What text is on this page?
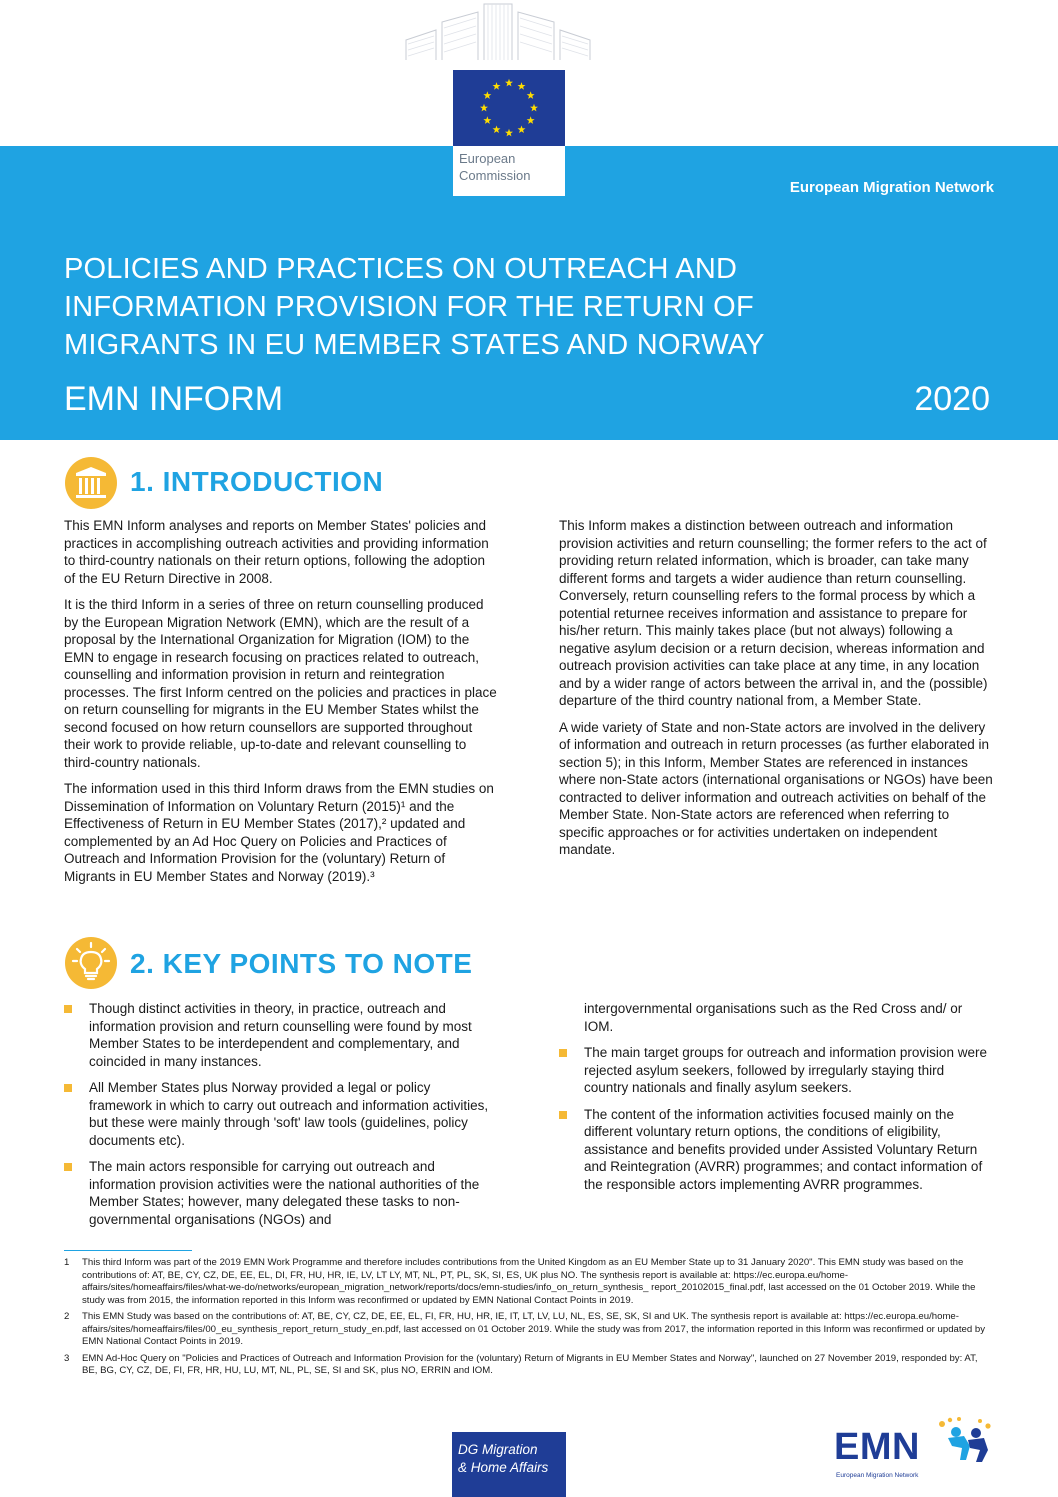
European
Commission
European Migration Network
POLICIES AND PRACTICES ON OUTREACH AND
INFORMATION PROVISION FOR THE RETURN OF
MIGRANTS IN EU MEMBER STATES AND NORWAY
EMN INFORM	2020
1. INTRODUCTION

This EMN Inform analyses and reports on Member States' policies and practices in accomplishing outreach activities and providing information to third-country nationals on their return options, following the adoption of the EU Return Directive in 2008.

It is the third Inform in a series of three on return counselling produced by the European Migration Network (EMN), which are the result of a proposal by the International Organization for Migration (IOM) to the EMN to engage in research focusing on practices related to outreach, counselling and information provision in return and reintegration processes. The first Inform centred on the policies and practices in place on return counselling for migrants in the EU Member States whilst the second focused on how return counsellors are supported throughout their work to provide reliable, up-to-date and relevant counselling to third-country nationals.

The information used in this third Inform draws from the EMN studies on Dissemination of Information on Voluntary Return (2015)¹ and the Effectiveness of Return in EU Member States (2017),² updated and complemented by an Ad Hoc Query on Policies and Practices of Outreach and Information Provision for the (voluntary) Return of Migrants in EU Member States and Norway (2019).³

This Inform makes a distinction between outreach and information provision activities and return counselling; the former refers to the act of providing return related information, which is broader, can take many different forms and targets a wider audience than return counselling. Conversely, return counselling refers to the formal process by which a potential returnee receives information and assistance to prepare for his/her return. This mainly takes place (but not always) following a negative asylum decision or a return decision, whereas information and outreach provision activities can take place at any time, in any location and by a wider range of actors between the arrival in, and the (possible) departure of the third country national from, a Member State.

A wide variety of State and non-State actors are involved in the delivery of information and outreach in return processes (as further elaborated in section 5); in this Inform, Member States are referenced in instances where non-State actors (international organisations or NGOs) have been contracted to deliver information and outreach activities on behalf of the Member State. Non-State actors are referenced when referring to specific approaches or for activities undertaken on independent mandate.

2. KEY POINTS TO NOTE
Though distinct activities in theory, in practice, outreach and information provision and return counselling were found by most Member States to be interdependent and complementary, and coincided in many instances.
All Member States plus Norway provided a legal or policy framework in which to carry out outreach and information activities, but these were mainly through 'soft' law tools (guidelines, policy documents etc).
The main actors responsible for carrying out outreach and information provision activities were the national authorities of the Member States; however, many delegated these tasks to non-governmental organisations (NGOs) and
intergovernmental organisations such as the Red Cross and/ or IOM.
The main target groups for outreach and information provision were rejected asylum seekers, followed by irregularly staying third country nationals and finally asylum seekers.
The content of the information activities focused mainly on the different voluntary return options, the conditions of eligibility, assistance and benefits provided under Assisted Voluntary Return and Reintegration (AVRR) programmes; and contact information of the responsible actors implementing AVRR programmes.
1	This third Inform was part of the 2019 EMN Work Programme and therefore includes contributions from the United Kingdom as an EU Member State up to 31 January 2020". This EMN study was based on the contributions of: AT, BE, CY, CZ, DE, EE, EL, DI, FR, HU, HR, IE, LV, LT LY, MT, NL, PT, PL, SK, SI, ES, UK plus NO. The synthesis report is available at: https://ec.europa.eu/home-affairs/sites/homeaffairs/files/what-we-do/networks/european_migration_network/reports/docs/emn-studies/info_on_return_synthesis_ report_20102015_final.pdf, last accessed on the 01 October 2019. While the study was from 2015, the information reported in this Inform was reconfirmed or updated by EMN National Contact Points in 2019.
2	This EMN Study was based on the contributions of: AT, BE, CY, CZ, DE, EE, EL, FI, FR, HU, HR, IE, IT, LT, LV, LU, NL, ES, SE, SK, SI and UK. The synthesis report is available at: https://ec.europa.eu/home-affairs/sites/homeaffairs/files/00_eu_synthesis_report_return_study_en.pdf, last accessed on 01 October 2019. While the study was from 2017, the information reported in this Inform was reconfirmed or updated by EMN National Contact Points in 2019.
3	EMN Ad-Hoc Query on "Policies and Practices of Outreach and Information Provision for the (voluntary) Return of Migrants in EU Member States and Norway", launched on 27 November 2019, responded by: AT, BE, BG, CY, CZ, DE, FI, FR, HR, HU, LU, MT, NL, PL, SE, SI and SK, plus NO, ERRIN and IOM.
DG Migration
& Home Affairs	EMN
European Migration Network
